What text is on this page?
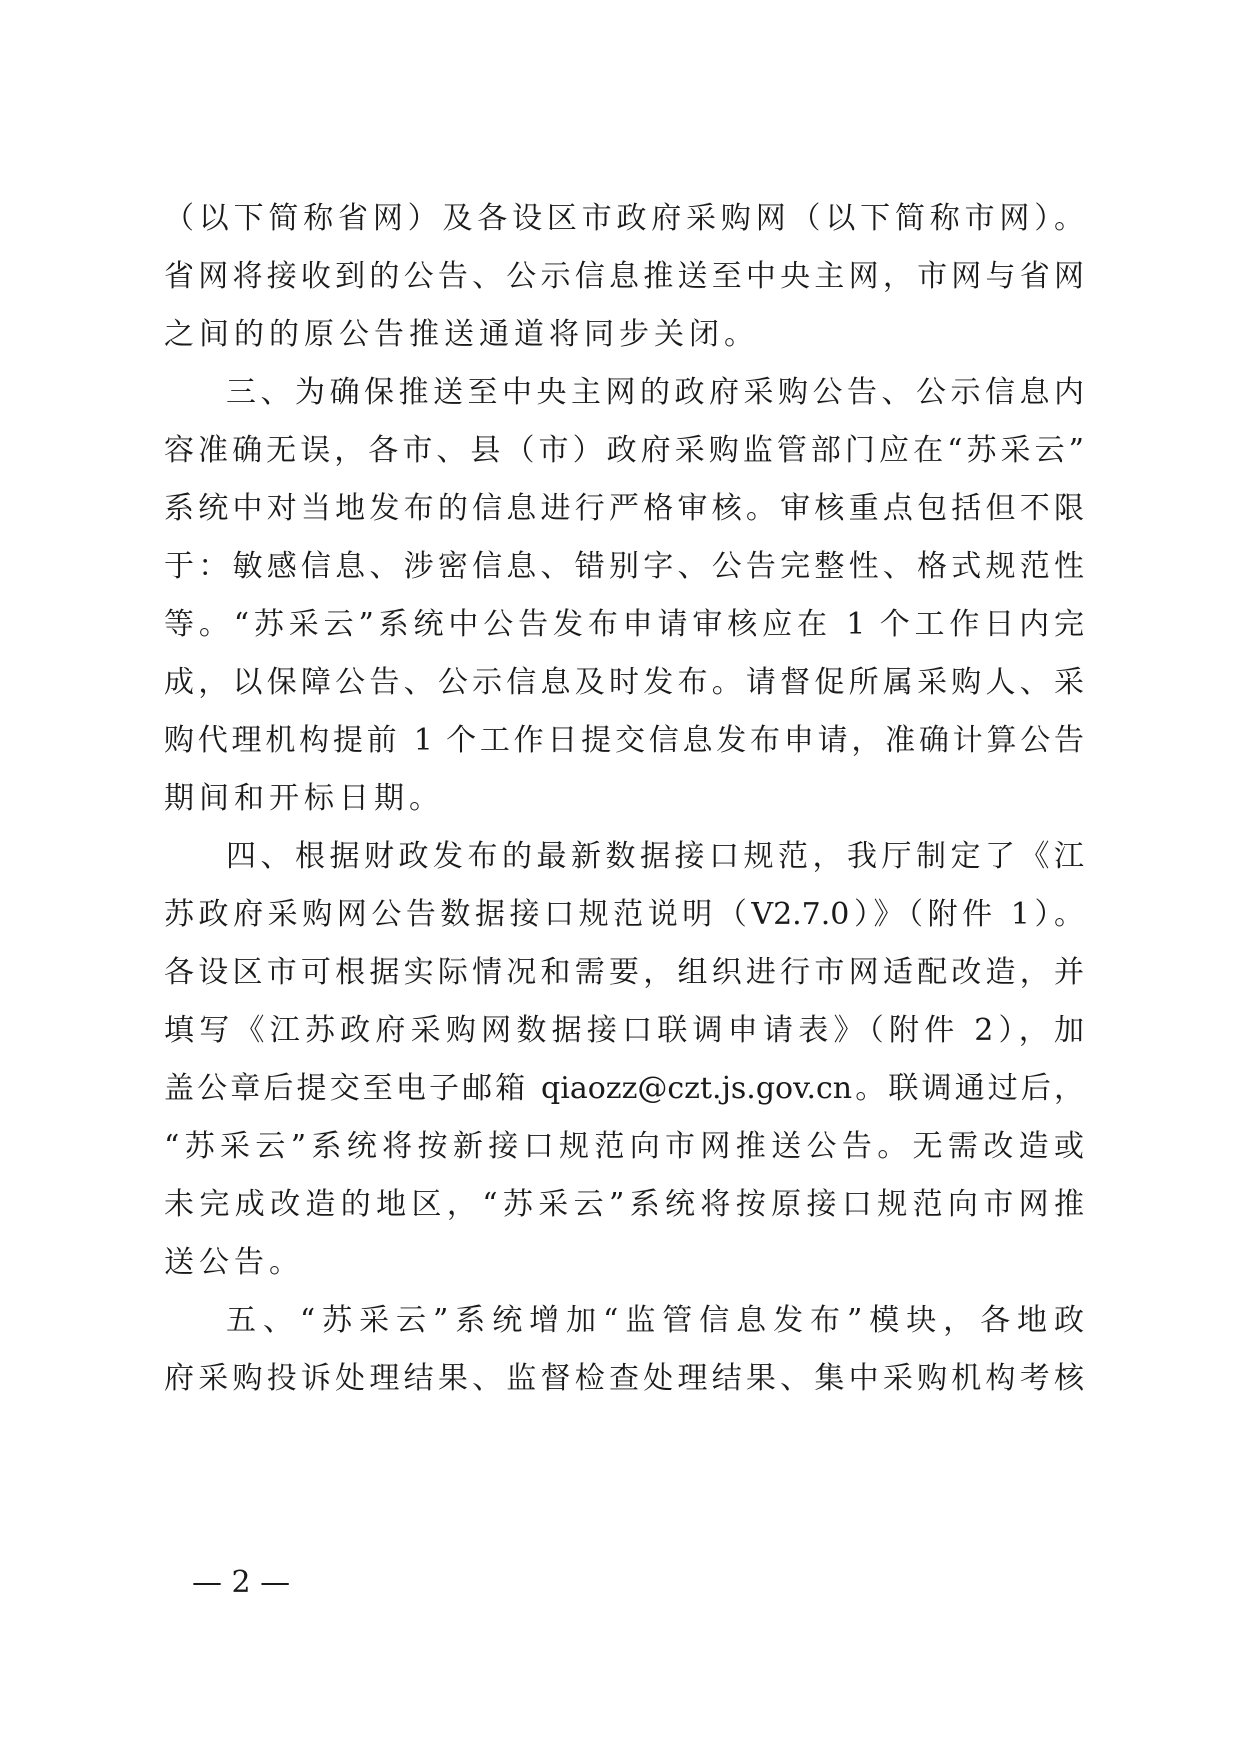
（以下简称省网）及各设区市政府采购网（以下简称市网）。
省网将接收到的公告、公示信息推送至中央主网，市网与省网
之间的的原公告推送通道将同步关闭。
三、为确保推送至中央主网的政府采购公告、公示信息内
容准确无误，各市、县（市）政府采购监管部门应在“苏采云”
系统中对当地发布的信息进行严格审核。审核重点包括但不限
于：敏感信息、涉密信息、错别字、公告完整性、格式规范性
等。“苏采云”系统中公告发布申请审核应在 1 个工作日内完
成，以保障公告、公示信息及时发布。请督促所属采购人、采
购代理机构提前 1 个工作日提交信息发布申请，准确计算公告
期间和开标日期。
四、根据财政发布的最新数据接口规范，我厅制定了《江
苏政府采购网公告数据接口规范说明（V2.7.0）》（附件 1）。
各设区市可根据实际情况和需要，组织进行市网适配改造，并
填写《江苏政府采购网数据接口联调申请表》（附件 2），加
盖公章后提交至电子邮箱 qiaozz@czt.js.gov.cn。联调通过后，
“苏采云”系统将按新接口规范向市网推送公告。无需改造或
未完成改造的地区，“苏采云”系统将按原接口规范向市网推
送公告。
五、“苏采云”系统增加“监管信息发布”模块，各地政
府采购投诉处理结果、监督检查处理结果、集中采购机构考核
— 2 —
